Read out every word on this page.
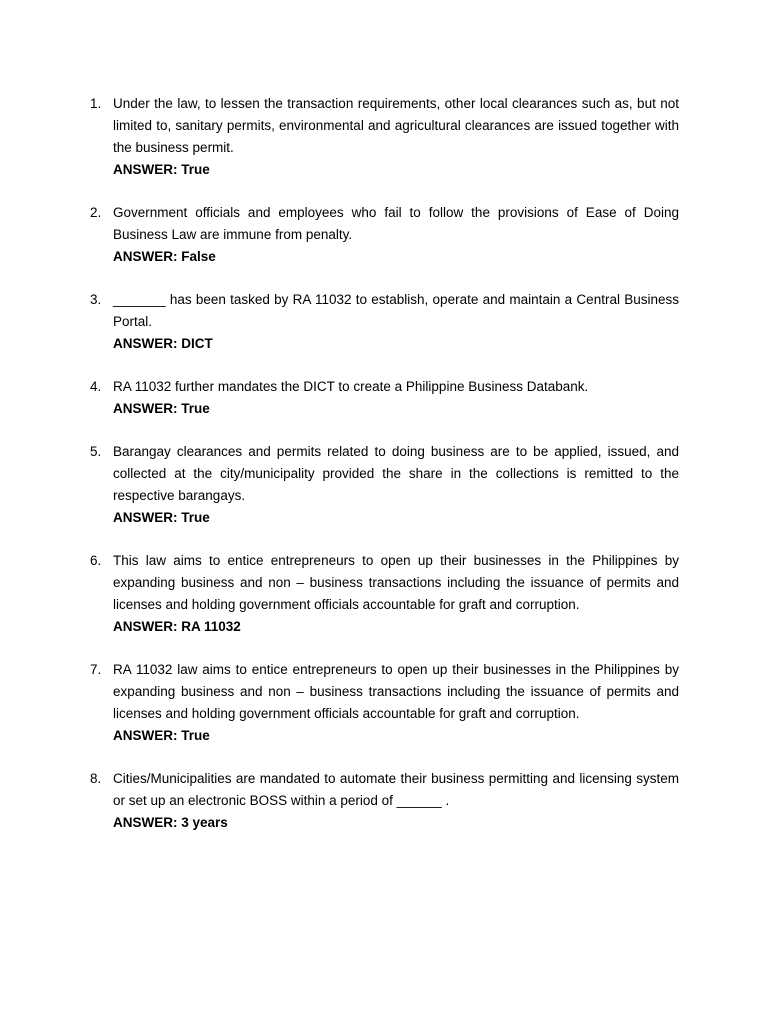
1. Under the law, to lessen the transaction requirements, other local clearances such as, but not limited to, sanitary permits, environmental and agricultural clearances are issued together with the business permit.

ANSWER: True

2. Government officials and employees who fail to follow the provisions of Ease of Doing Business Law are immune from penalty.

ANSWER: False

3. _______ has been tasked by RA 11032 to establish, operate and maintain a Central Business Portal.

ANSWER: DICT

4. RA 11032 further mandates the DICT to create a Philippine Business Databank.

ANSWER: True

5. Barangay clearances and permits related to doing business are to be applied, issued, and collected at the city/municipality provided the share in the collections is remitted to the respective barangays.

ANSWER: True

6. This law aims to entice entrepreneurs to open up their businesses in the Philippines by expanding business and non – business transactions including the issuance of permits and licenses and holding government officials accountable for graft and corruption.

ANSWER: RA 11032

7. RA 11032 law aims to entice entrepreneurs to open up their businesses in the Philippines by expanding business and non – business transactions including the issuance of permits and licenses and holding government officials accountable for graft and corruption.

ANSWER: True

8. Cities/Municipalities are mandated to automate their business permitting and licensing system or set up an electronic BOSS within a period of ______ .

ANSWER: 3 years
